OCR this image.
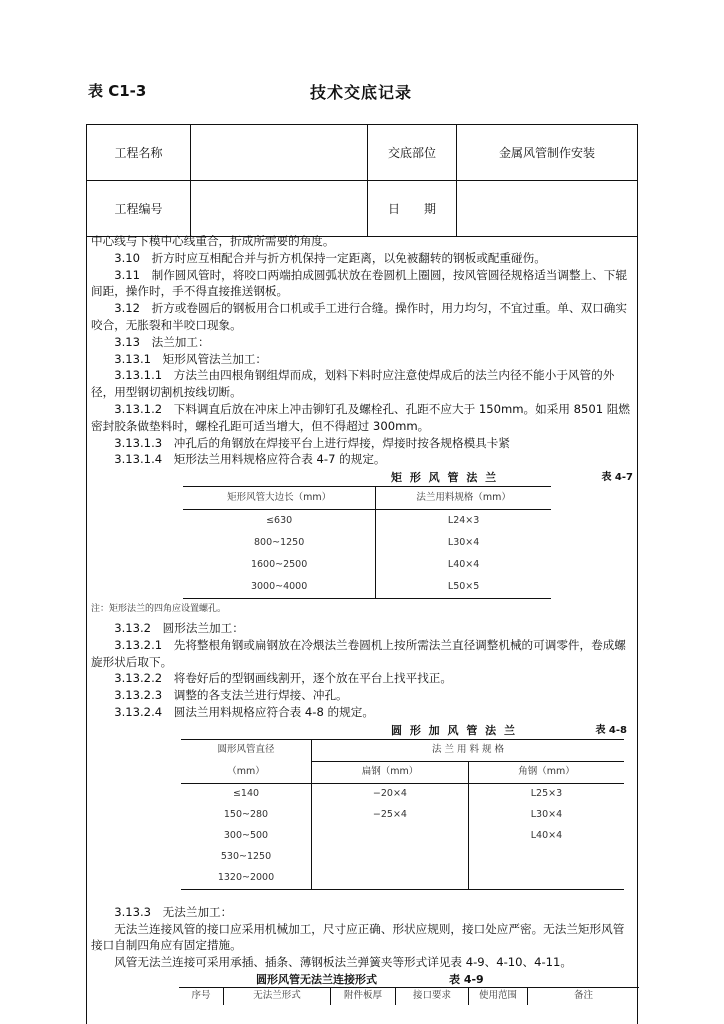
表 C1-3	技术交底记录
工程名称		交底部位	金属风管制作安装
工程编号		日　　期	

中心线与下模中心线重合，折成所需要的角度。

3.10　折方时应互相配合并与折方机保持一定距离，以免被翻转的钢板或配重碰伤。

3.11　制作圆风管时，将咬口两端拍成圆弧状放在卷圆机上圈圆，按风管圆径规格适当调整上、下辊间距，操作时，手不得直接推送钢板。

3.12　折方或卷圆后的钢板用合口机或手工进行合缝。操作时，用力均匀，不宜过重。单、双口确实咬合，无胀裂和半咬口现象。

3.13　法兰加工：

3.13.1　矩形风管法兰加工：

3.13.1.1　方法兰由四根角钢组焊而成，划料下料时应注意使焊成后的法兰内径不能小于风管的外径，用型钢切割机按线切断。

3.13.1.2　下料调直后放在冲床上冲击铆钉孔及螺栓孔、孔距不应大于 150mm。如采用 8501 阻燃密封胶条做垫料时，螺栓孔距可适当增大，但不得超过 300mm。

3.13.1.3　冲孔后的角钢放在焊接平台上进行焊接，焊接时按各规格模具卡紧

3.13.1.4　矩形法兰用料规格应符合表 4-7 的规定。

矩 形 风 管 法 兰	表 4-7
矩形风管大边长（mm）	法兰用料规格（mm）
≤630	L24×3
800~1250	L30×4
1600~2500	L40×4
3000~4000	L50×5
注：矩形法兰的四角应设置螺孔。

3.13.2　圆形法兰加工：

3.13.2.1　先将整根角钢或扁钢放在冷煨法兰卷圆机上按所需法兰直径调整机械的可调零件，卷成螺旋形状后取下。

3.13.2.2　将卷好后的型钢画线割开，逐个放在平台上找平找正。

3.13.2.3　调整的各支法兰进行焊接、冲孔。

3.13.2.4　圆法兰用料规格应符合表 4-8 的规定。

圆 形 加 风 管 法 兰	表 4-8
圆形风管直径	法 兰 用 料 规 格	
（mm）	扁钢（mm）	角钢（mm）
≤140	−20×4	L25×3
150~280	−25×4	L30×4
300~500		L40×4
530~1250		
1320~2000		

3.13.3　无法兰加工：

无法兰连接风管的接口应采用机械加工，尺寸应正确、形状应规则，接口处应严密。无法兰矩形风管接口自制四角应有固定措施。

风管无法兰连接可采用承插、插条、薄钢板法兰弹簧夹等形式详见表 4-9、4-10、4-11。

圆形风管无法兰连接形式	表 4-9
序号	无法兰形式	附件板厚	接口要求	使用范围	备注
